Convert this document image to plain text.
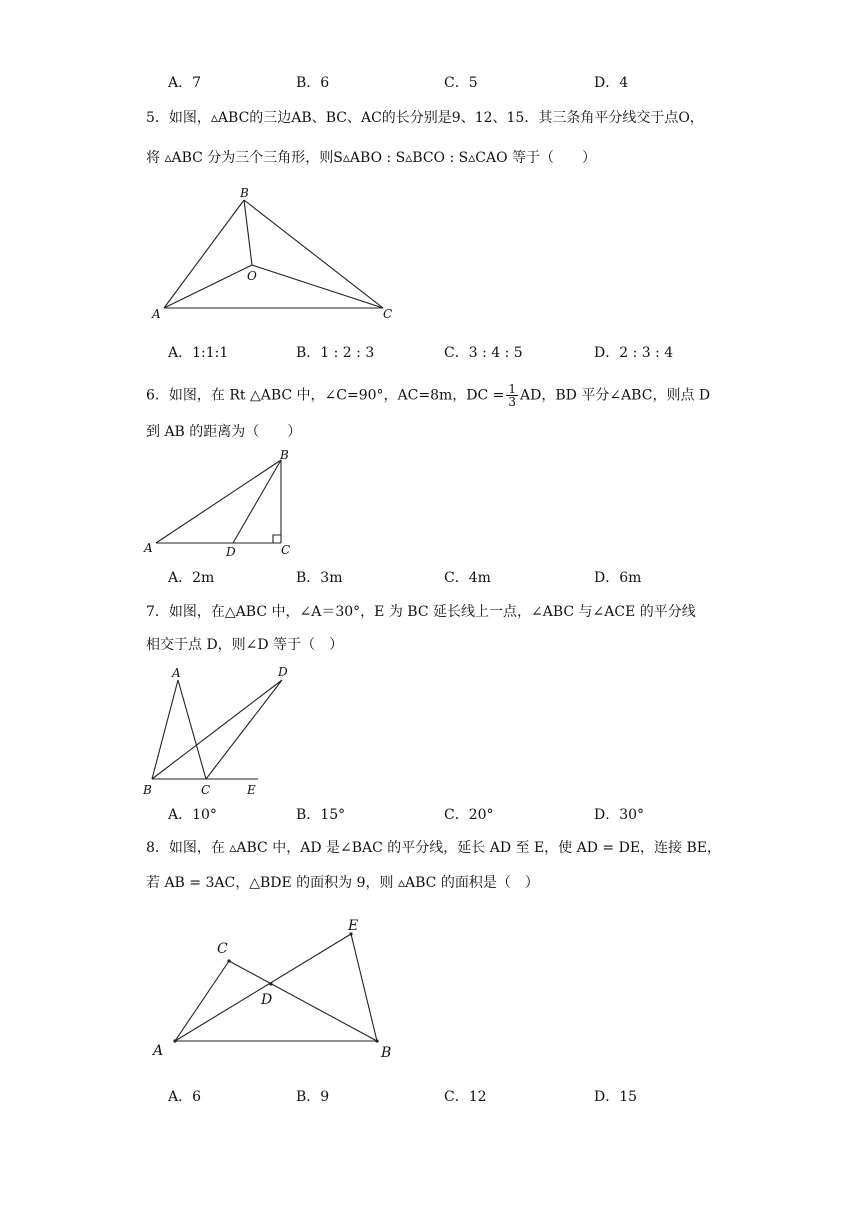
A．7	B．6	C．5	D．4
5．如图，▵ABC的三边AB、BC、AC的长分别是9、12、15．其三条角平分线交于点O，
将 ▵ABC 分为三个三角形，则S▵ABO : S▵BCO : S▵CAO 等于（　　）
B
A	C
O
A．1:1:1	B．1 : 2 : 3	C．3 : 4 : 5	D．2 : 3 : 4
6．如图，在 Rt △ABC 中，∠C=90°，AC=8m，DC = $\frac{1}{3}$ AD，BD 平分∠ABC，则点 D
到 AB 的距离为（　　）
B
A	D	C
A．2m	B．3m	C．4m	D．6m
7．如图，在△ABC 中，∠A＝30°，E 为 BC 延长线上一点，∠ABC 与∠ACE 的平分线
相交于点 D，则∠D 等于（　）
A	D
B	C	E
A．10°	B．15°	C．20°	D．30°
8．如图，在 ▵ABC 中，AD 是∠BAC 的平分线，延长 AD 至 E，使 AD = DE，连接 BE，
若 AB = 3AC，△BDE 的面积为 9，则 ▵ABC 的面积是（　）
C
E
D
A	B
A．6	B．9	C．12	D．15
